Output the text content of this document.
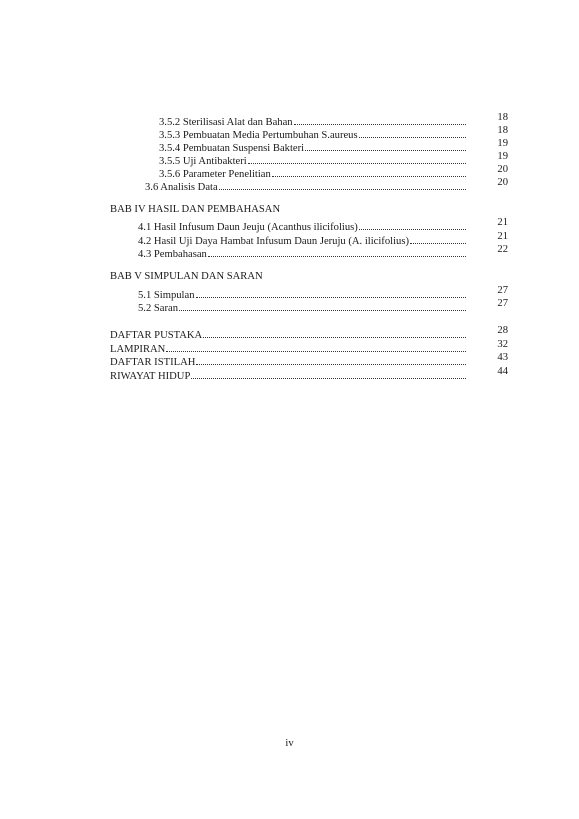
3.5.2 Sterilisasi Alat dan Bahan	18
3.5.3 Pembuatan Media Pertumbuhan S.aureus	18
3.5.4 Pembuatan Suspensi Bakteri	19
3.5.5 Uji Antibakteri	19
3.5.6 Parameter Penelitian	20
3.6 Analisis Data	20
BAB IV HASIL DAN PEMBAHASAN
4.1 Hasil Infusum Daun Jeuju (Acanthus ilicifolius)	21
4.2 Hasil Uji Daya Hambat Infusum Daun Jeruju (A. ilicifolius)	21
4.3 Pembahasan	22
BAB V SIMPULAN DAN SARAN
5.1 Simpulan	27
5.2 Saran	27
DAFTAR PUSTAKA	28
LAMPIRAN	32
DAFTAR ISTILAH	43
RIWAYAT HIDUP	44
iv
